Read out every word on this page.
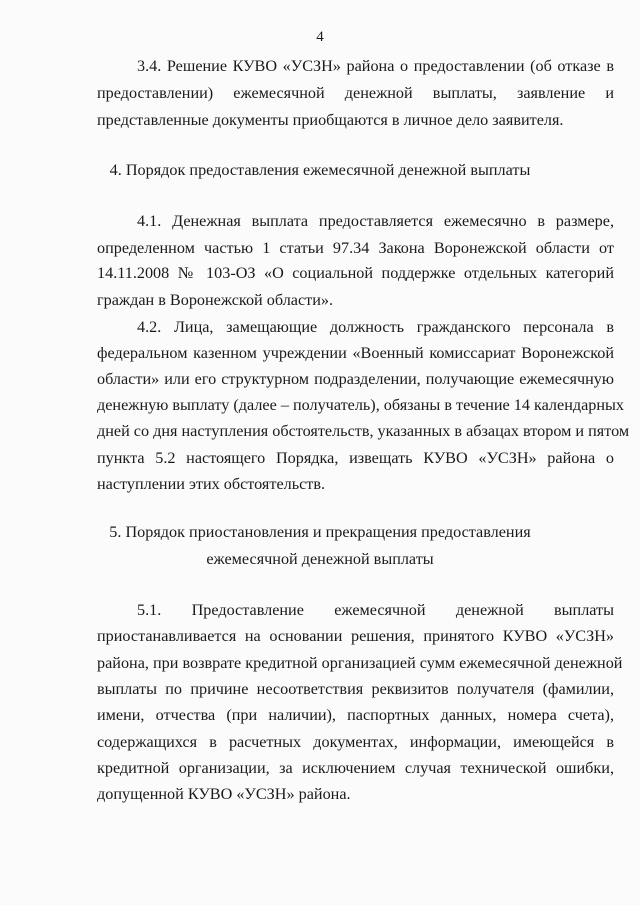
4
3.4. Решение КУВО «УСЗН» района о предоставлении (об отказе в
предоставлении) ежемесячной денежной выплаты, заявление и
представленные документы приобщаются в личное дело заявителя.
4. Порядок предоставления ежемесячной денежной выплаты
4.1. Денежная выплата предоставляется ежемесячно в размере,
определенном частью 1 статьи 97.34 Закона Воронежской области от
14.11.2008 № 103-ОЗ «О социальной поддержке отдельных категорий
граждан в Воронежской области».
4.2. Лица, замещающие должность гражданского персонала в
федеральном казенном учреждении «Военный комиссариат Воронежской
области» или его структурном подразделении, получающие ежемесячную
денежную выплату (далее – получатель), обязаны в течение 14 календарных
дней со дня наступления обстоятельств, указанных в абзацах втором и пятом
пункта 5.2 настоящего Порядка, извещать КУВО «УСЗН» района о
наступлении этих обстоятельств.
5. Порядок приостановления и прекращения предоставления
ежемесячной денежной выплаты
5.1. Предоставление ежемесячной денежной выплаты
приостанавливается на основании решения, принятого КУВО «УСЗН»
района, при возврате кредитной организацией сумм ежемесячной денежной
выплаты по причине несоответствия реквизитов получателя (фамилии,
имени, отчества (при наличии), паспортных данных, номера счета),
содержащихся в расчетных документах, информации, имеющейся в
кредитной организации, за исключением случая технической ошибки,
допущенной КУВО «УСЗН» района.
